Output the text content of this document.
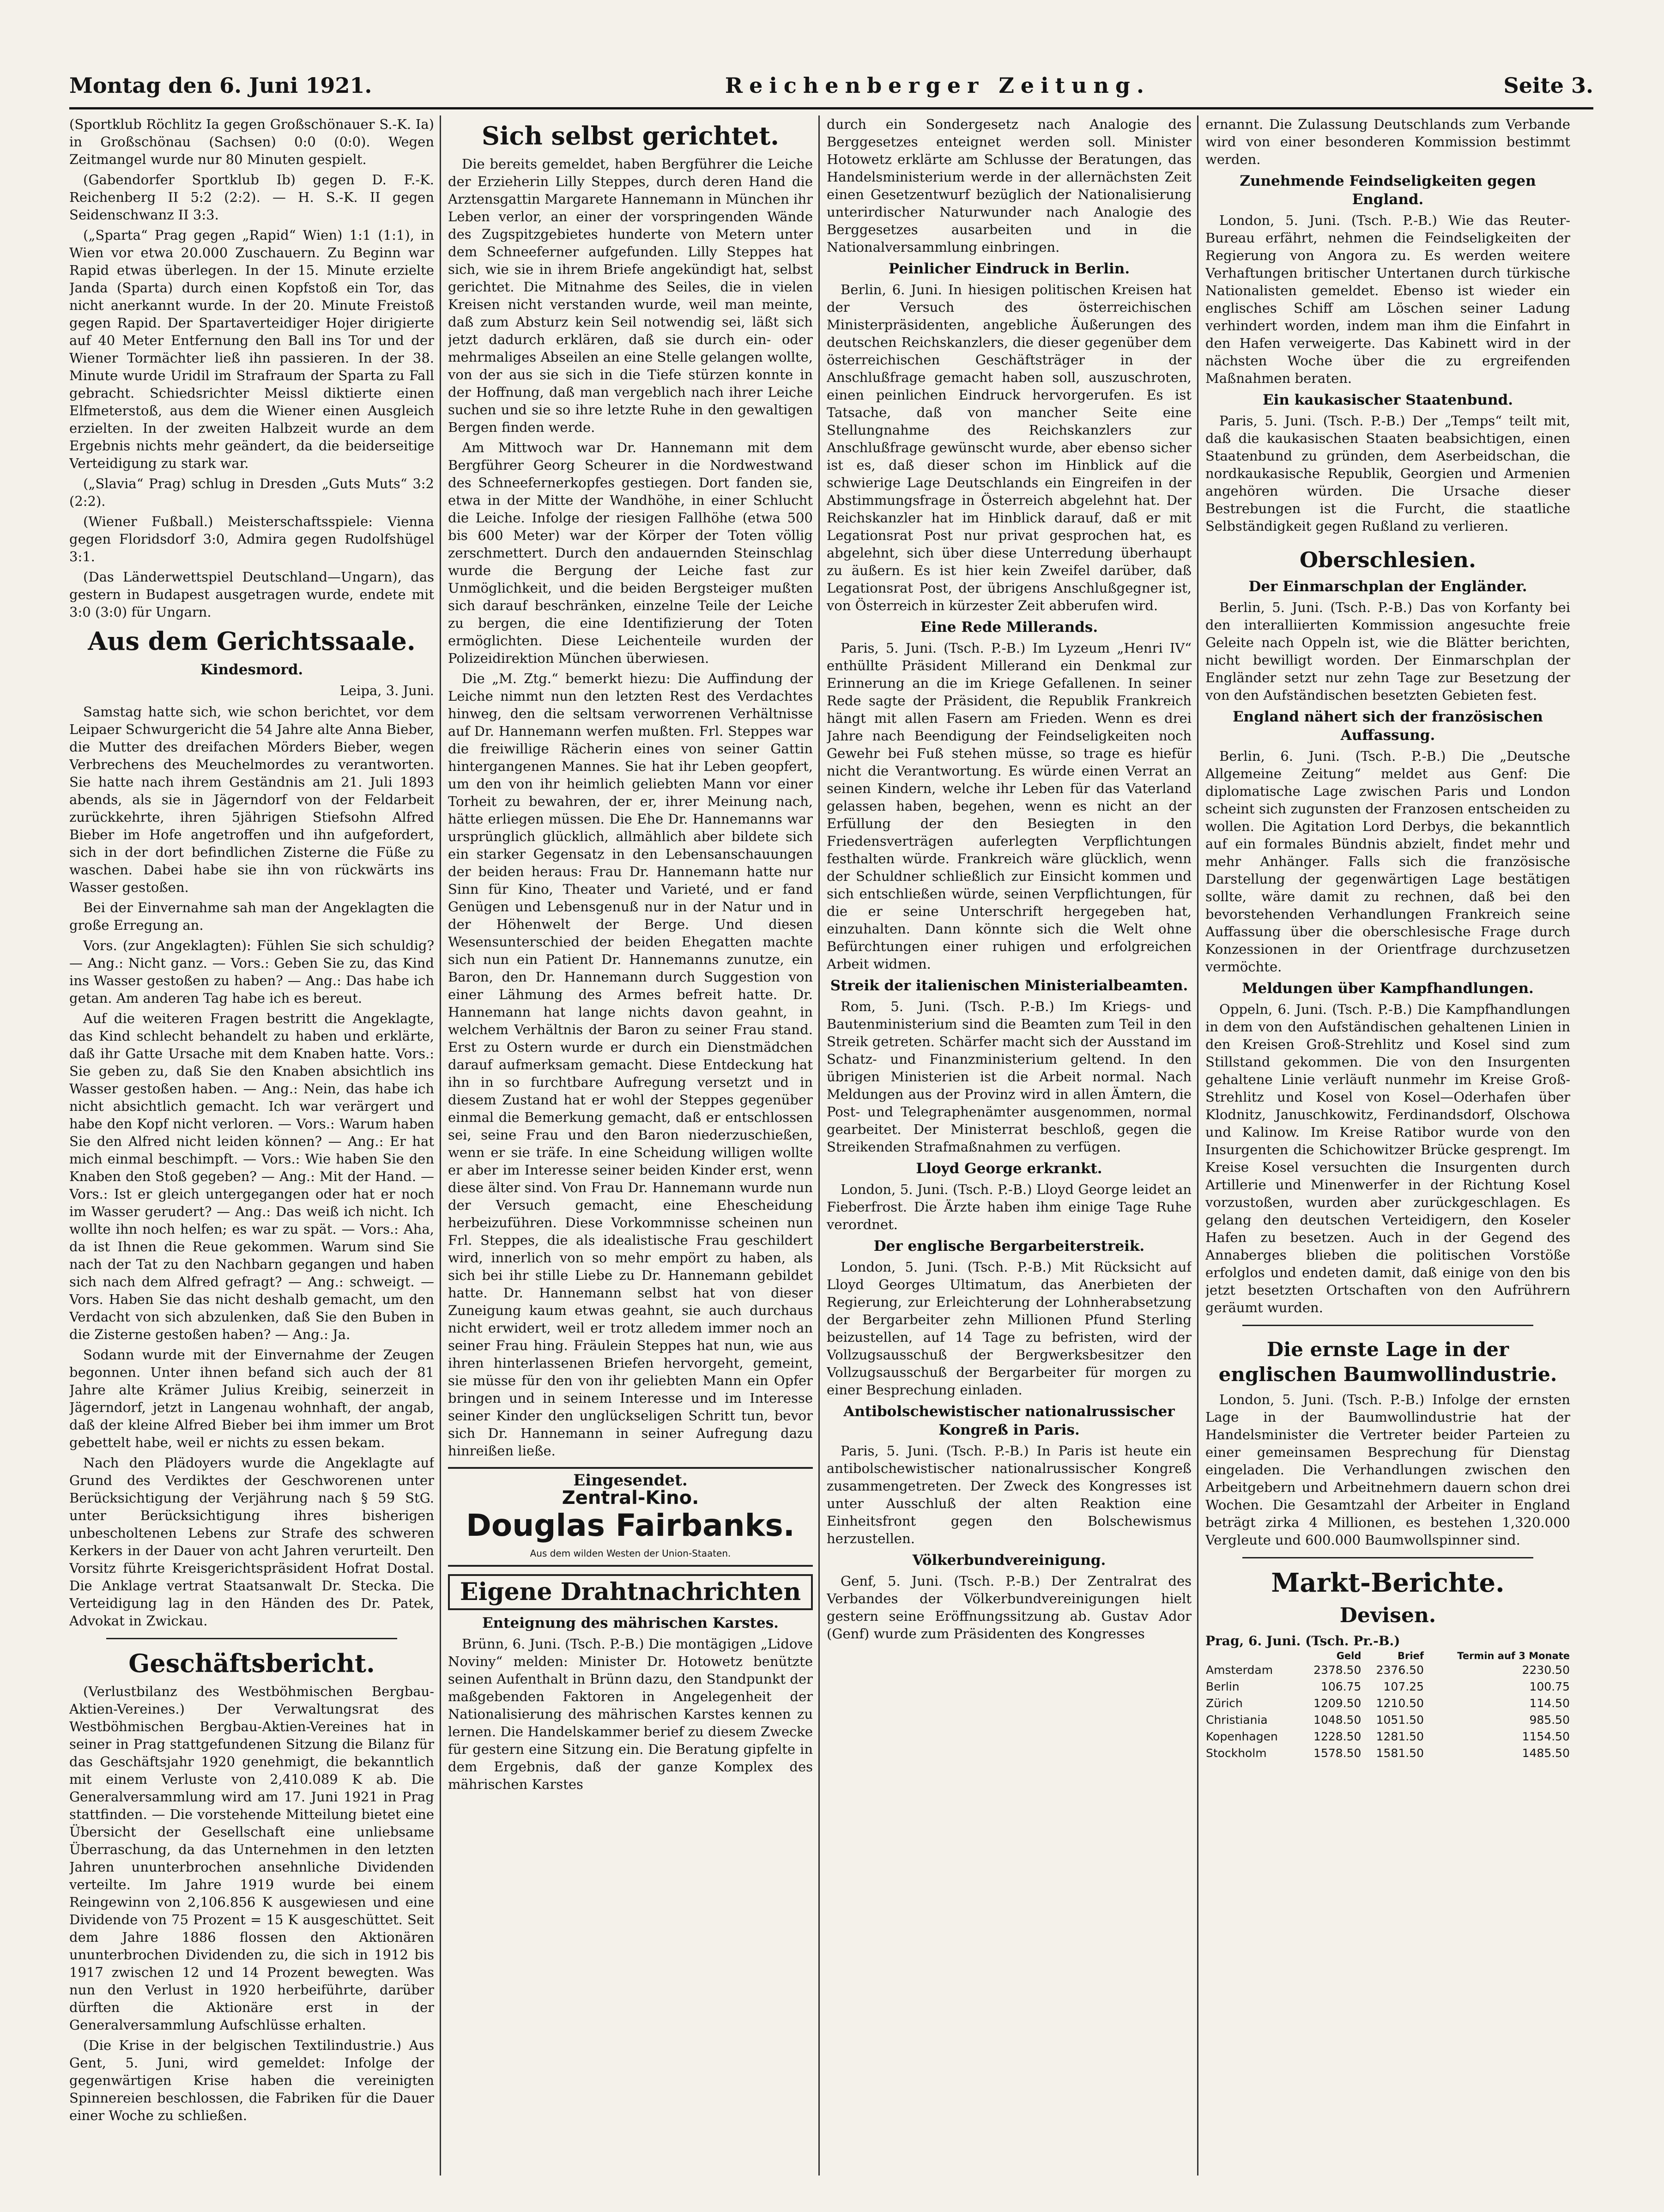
Montag den 6. Juni 1921.	Reichenberger Zeitung.	Seite 3.

(Sportklub Röchlitz Ia gegen Großschönauer S.-K. Ia) in Großschönau (Sachsen) 0:0 (0:0). Wegen Zeitmangel wurde nur 80 Minuten gespielt.

(Gabendorfer Sportklub Ib) gegen D. F.-K. Reichenberg II 5:2 (2:2). — H. S.-K. II gegen Seidenschwanz II 3:3.

(„Sparta“ Prag gegen „Rapid“ Wien) 1:1 (1:1), in Wien vor etwa 20.000 Zuschauern. Zu Beginn war Rapid etwas überlegen. In der 15. Minute erzielte Janda (Sparta) durch einen Kopfstoß ein Tor, das nicht anerkannt wurde. In der 20. Minute Freistoß gegen Rapid. Der Spartaverteidiger Hojer dirigierte auf 40 Meter Entfernung den Ball ins Tor und der Wiener Tormächter ließ ihn passieren. In der 38. Minute wurde Uridil im Strafraum der Sparta zu Fall gebracht. Schiedsrichter Meissl diktierte einen Elfmeterstoß, aus dem die Wiener einen Ausgleich erzielten. In der zweiten Halbzeit wurde an dem Ergebnis nichts mehr geändert, da die beiderseitige Verteidigung zu stark war.

(„Slavia“ Prag) schlug in Dresden „Guts Muts“ 3:2 (2:2).

(Wiener Fußball.) Meisterschaftsspiele: Vienna gegen Floridsdorf 3:0, Admira gegen Rudolfshügel 3:1.

(Das Länderwettspiel Deutschland—Ungarn), das gestern in Budapest ausgetragen wurde, endete mit 3:0 (3:0) für Ungarn.

Aus dem Gerichtssaale.
Kindesmord.
Leipa, 3. Juni.

Samstag hatte sich, wie schon berichtet, vor dem Leipaer Schwurgericht die 54 Jahre alte Anna Bieber, die Mutter des dreifachen Mörders Bieber, wegen Verbrechens des Meuchelmordes zu verantworten. Sie hatte nach ihrem Geständnis am 21. Juli 1893 abends, als sie in Jägerndorf von der Feldarbeit zurückkehrte, ihren 5jährigen Stiefsohn Alfred Bieber im Hofe angetroffen und ihn aufgefordert, sich in der dort befindlichen Zisterne die Füße zu waschen. Dabei habe sie ihn von rückwärts ins Wasser gestoßen.

Bei der Einvernahme sah man der Angeklagten die große Erregung an.

Vors. (zur Angeklagten): Fühlen Sie sich schuldig? — Ang.: Nicht ganz. — Vors.: Geben Sie zu, das Kind ins Wasser gestoßen zu haben? — Ang.: Das habe ich getan. Am anderen Tag habe ich es bereut.

Auf die weiteren Fragen bestritt die Angeklagte, das Kind schlecht behandelt zu haben und erklärte, daß ihr Gatte Ursache mit dem Knaben hatte. Vors.: Sie geben zu, daß Sie den Knaben absichtlich ins Wasser gestoßen haben. — Ang.: Nein, das habe ich nicht absichtlich gemacht. Ich war verärgert und habe den Kopf nicht verloren. — Vors.: Warum haben Sie den Alfred nicht leiden können? — Ang.: Er hat mich einmal beschimpft. — Vors.: Wie haben Sie den Knaben den Stoß gegeben? — Ang.: Mit der Hand. — Vors.: Ist er gleich untergegangen oder hat er noch im Wasser gerudert? — Ang.: Das weiß ich nicht. Ich wollte ihn noch helfen; es war zu spät. — Vors.: Aha, da ist Ihnen die Reue gekommen. Warum sind Sie nach der Tat zu den Nachbarn gegangen und haben sich nach dem Alfred gefragt? — Ang.: schweigt. — Vors. Haben Sie das nicht deshalb gemacht, um den Verdacht von sich abzulenken, daß Sie den Buben in die Zisterne gestoßen haben? — Ang.: Ja.

Sodann wurde mit der Einvernahme der Zeugen begonnen. Unter ihnen befand sich auch der 81 Jahre alte Krämer Julius Kreibig, seinerzeit in Jägerndorf, jetzt in Langenau wohnhaft, der angab, daß der kleine Alfred Bieber bei ihm immer um Brot gebettelt habe, weil er nichts zu essen bekam.

Nach den Plädoyers wurde die Angeklagte auf Grund des Verdiktes der Geschworenen unter Berücksichtigung der Verjährung nach § 59 StG. unter Berücksichtigung ihres bisherigen unbescholtenen Lebens zur Strafe des schweren Kerkers in der Dauer von acht Jahren verurteilt. Den Vorsitz führte Kreisgerichtspräsident Hofrat Dostal. Die Anklage vertrat Staatsanwalt Dr. Stecka. Die Verteidigung lag in den Händen des Dr. Patek, Advokat in Zwickau.

Geschäftsbericht.

(Verlustbilanz des Westböhmischen Bergbau-Aktien-Vereines.) Der Verwaltungsrat des Westböhmischen Bergbau-Aktien-Vereines hat in seiner in Prag stattgefundenen Sitzung die Bilanz für das Geschäftsjahr 1920 genehmigt, die bekanntlich mit einem Verluste von 2,410.089 K ab. Die Generalversammlung wird am 17. Juni 1921 in Prag stattfinden. — Die vorstehende Mitteilung bietet eine Übersicht der Gesellschaft eine unliebsame Überraschung, da das Unternehmen in den letzten Jahren ununterbrochen ansehnliche Dividenden verteilte. Im Jahre 1919 wurde bei einem Reingewinn von 2,106.856 K ausgewiesen und eine Dividende von 75 Prozent = 15 K ausgeschüttet. Seit dem Jahre 1886 flossen den Aktionären ununterbrochen Dividenden zu, die sich in 1912 bis 1917 zwischen 12 und 14 Prozent bewegten. Was nun den Verlust in 1920 herbeiführte, darüber dürften die Aktionäre erst in der Generalversammlung Aufschlüsse erhalten.

(Die Krise in der belgischen Textilindustrie.) Aus Gent, 5. Juni, wird gemeldet: Infolge der gegenwärtigen Krise haben die vereinigten Spinnereien beschlossen, die Fabriken für die Dauer einer Woche zu schließen.

Sich selbst gerichtet.

Die bereits gemeldet, haben Bergführer die Leiche der Erzieherin Lilly Steppes, durch deren Hand die Arztensgattin Margarete Hannemann in München ihr Leben verlor, an einer der vorspringenden Wände des Zugspitzgebietes hunderte von Metern unter dem Schneeferner aufgefunden. Lilly Steppes hat sich, wie sie in ihrem Briefe angekündigt hat, selbst gerichtet. Die Mitnahme des Seiles, die in vielen Kreisen nicht verstanden wurde, weil man meinte, daß zum Absturz kein Seil notwendig sei, läßt sich jetzt dadurch erklären, daß sie durch ein- oder mehrmaliges Abseilen an eine Stelle gelangen wollte, von der aus sie sich in die Tiefe stürzen konnte in der Hoffnung, daß man vergeblich nach ihrer Leiche suchen und sie so ihre letzte Ruhe in den gewaltigen Bergen finden werde.

Am Mittwoch war Dr. Hannemann mit dem Bergführer Georg Scheurer in die Nordwestwand des Schneefernerkopfes gestiegen. Dort fanden sie, etwa in der Mitte der Wandhöhe, in einer Schlucht die Leiche. Infolge der riesigen Fallhöhe (etwa 500 bis 600 Meter) war der Körper der Toten völlig zerschmettert. Durch den andauernden Steinschlag wurde die Bergung der Leiche fast zur Unmöglichkeit, und die beiden Bergsteiger mußten sich darauf beschränken, einzelne Teile der Leiche zu bergen, die eine Identifizierung der Toten ermöglichten. Diese Leichenteile wurden der Polizeidirektion München überwiesen.

Die „M. Ztg.“ bemerkt hiezu: Die Auffindung der Leiche nimmt nun den letzten Rest des Verdachtes hinweg, den die seltsam verworrenen Verhältnisse auf Dr. Hannemann werfen mußten. Frl. Steppes war die freiwillige Rächerin eines von seiner Gattin hintergangenen Mannes. Sie hat ihr Leben geopfert, um den von ihr heimlich geliebten Mann vor einer Torheit zu bewahren, der er, ihrer Meinung nach, hätte erliegen müssen. Die Ehe Dr. Hannemanns war ursprünglich glücklich, allmählich aber bildete sich ein starker Gegensatz in den Lebensanschauungen der beiden heraus: Frau Dr. Hannemann hatte nur Sinn für Kino, Theater und Varieté, und er fand Genügen und Lebensgenuß nur in der Natur und in der Höhenwelt der Berge. Und diesen Wesensunterschied der beiden Ehegatten machte sich nun ein Patient Dr. Hannemanns zunutze, ein Baron, den Dr. Hannemann durch Suggestion von einer Lähmung des Armes befreit hatte. Dr. Hannemann hat lange nichts davon geahnt, in welchem Verhältnis der Baron zu seiner Frau stand. Erst zu Ostern wurde er durch ein Dienstmädchen darauf aufmerksam gemacht. Diese Entdeckung hat ihn in so furchtbare Aufregung versetzt und in diesem Zustand hat er wohl der Steppes gegenüber einmal die Bemerkung gemacht, daß er entschlossen sei, seine Frau und den Baron niederzuschießen, wenn er sie träfe. In eine Scheidung willigen wollte er aber im Interesse seiner beiden Kinder erst, wenn diese älter sind. Von Frau Dr. Hannemann wurde nun der Versuch gemacht, eine Ehescheidung herbeizuführen. Diese Vorkommnisse scheinen nun Frl. Steppes, die als idealistische Frau geschildert wird, innerlich von so mehr empört zu haben, als sich bei ihr stille Liebe zu Dr. Hannemann gebildet hatte. Dr. Hannemann selbst hat von dieser Zuneigung kaum etwas geahnt, sie auch durchaus nicht erwidert, weil er trotz alledem immer noch an seiner Frau hing. Fräulein Steppes hat nun, wie aus ihren hinterlassenen Briefen hervorgeht, gemeint, sie müsse für den von ihr geliebten Mann ein Opfer bringen und in seinem Interesse und im Interesse seiner Kinder den unglückseligen Schritt tun, bevor sich Dr. Hannemann in seiner Aufregung dazu hinreißen ließe.

Eingesendet.
Zentral-Kino.
Douglas Fairbanks.
Aus dem wilden Westen der Union-Staaten.
Eigene Drahtnachrichten
Enteignung des mährischen Karstes.

Brünn, 6. Juni. (Tsch. P.-B.) Die montägigen „Lidove Noviny“ melden: Minister Dr. Hotowetz benützte seinen Aufenthalt in Brünn dazu, den Standpunkt der maßgebenden Faktoren in Angelegenheit der Nationalisierung des mährischen Karstes kennen zu lernen. Die Handelskammer berief zu diesem Zwecke für gestern eine Sitzung ein. Die Beratung gipfelte in dem Ergebnis, daß der ganze Komplex des mährischen Karstes

durch ein Sondergesetz nach Analogie des Berggesetzes enteignet werden soll. Minister Hotowetz erklärte am Schlusse der Beratungen, das Handelsministerium werde in der allernächsten Zeit einen Gesetzentwurf bezüglich der Nationalisierung unterirdischer Naturwunder nach Analogie des Berggesetzes ausarbeiten und in die Nationalversammlung einbringen.

Peinlicher Eindruck in Berlin.

Berlin, 6. Juni. In hiesigen politischen Kreisen hat der Versuch des österreichischen Ministerpräsidenten, angebliche Äußerungen des deutschen Reichskanzlers, die dieser gegenüber dem österreichischen Geschäftsträger in der Anschlußfrage gemacht haben soll, auszuschroten, einen peinlichen Eindruck hervorgerufen. Es ist Tatsache, daß von mancher Seite eine Stellungnahme des Reichskanzlers zur Anschlußfrage gewünscht wurde, aber ebenso sicher ist es, daß dieser schon im Hinblick auf die schwierige Lage Deutschlands ein Eingreifen in der Abstimmungsfrage in Österreich abgelehnt hat. Der Reichskanzler hat im Hinblick darauf, daß er mit Legationsrat Post nur privat gesprochen hat, es abgelehnt, sich über diese Unterredung überhaupt zu äußern. Es ist hier kein Zweifel darüber, daß Legationsrat Post, der übrigens Anschlußgegner ist, von Österreich in kürzester Zeit abberufen wird.

Eine Rede Millerands.

Paris, 5. Juni. (Tsch. P.-B.) Im Lyzeum „Henri IV“ enthüllte Präsident Millerand ein Denkmal zur Erinnerung an die im Kriege Gefallenen. In seiner Rede sagte der Präsident, die Republik Frankreich hängt mit allen Fasern am Frieden. Wenn es drei Jahre nach Beendigung der Feindseligkeiten noch Gewehr bei Fuß stehen müsse, so trage es hiefür nicht die Verantwortung. Es würde einen Verrat an seinen Kindern, welche ihr Leben für das Vaterland gelassen haben, begehen, wenn es nicht an der Erfüllung der den Besiegten in den Friedensverträgen auferlegten Verpflichtungen festhalten würde. Frankreich wäre glücklich, wenn der Schuldner schließlich zur Einsicht kommen und sich entschließen würde, seinen Verpflichtungen, für die er seine Unterschrift hergegeben hat, einzuhalten. Dann könnte sich die Welt ohne Befürchtungen einer ruhigen und erfolgreichen Arbeit widmen.

Streik der italienischen Ministerialbeamten.

Rom, 5. Juni. (Tsch. P.-B.) Im Kriegs- und Bautenministerium sind die Beamten zum Teil in den Streik getreten. Schärfer macht sich der Ausstand im Schatz- und Finanzministerium geltend. In den übrigen Ministerien ist die Arbeit normal. Nach Meldungen aus der Provinz wird in allen Ämtern, die Post- und Telegraphenämter ausgenommen, normal gearbeitet. Der Ministerrat beschloß, gegen die Streikenden Strafmaßnahmen zu verfügen.

Lloyd George erkrankt.

London, 5. Juni. (Tsch. P.-B.) Lloyd George leidet an Fieberfrost. Die Ärzte haben ihm einige Tage Ruhe verordnet.

Der englische Bergarbeiterstreik.

London, 5. Juni. (Tsch. P.-B.) Mit Rücksicht auf Lloyd Georges Ultimatum, das Anerbieten der Regierung, zur Erleichterung der Lohnherabsetzung der Bergarbeiter zehn Millionen Pfund Sterling beizustellen, auf 14 Tage zu befristen, wird der Vollzugsausschuß der Bergwerksbesitzer den Vollzugsausschuß der Bergarbeiter für morgen zu einer Besprechung einladen.

Antibolschewistischer nationalrussischer Kongreß in Paris.

Paris, 5. Juni. (Tsch. P.-B.) In Paris ist heute ein antibolschewistischer nationalrussischer Kongreß zusammengetreten. Der Zweck des Kongresses ist unter Ausschluß der alten Reaktion eine Einheitsfront gegen den Bolschewismus herzustellen.

Völkerbundvereinigung.

Genf, 5. Juni. (Tsch. P.-B.) Der Zentralrat des Verbandes der Völkerbundvereinigungen hielt gestern seine Eröffnungssitzung ab. Gustav Ador (Genf) wurde zum Präsidenten des Kongresses

ernannt. Die Zulassung Deutschlands zum Verbande wird von einer besonderen Kommission bestimmt werden.

Zunehmende Feindseligkeiten gegen England.

London, 5. Juni. (Tsch. P.-B.) Wie das Reuter-Bureau erfährt, nehmen die Feindseligkeiten der Regierung von Angora zu. Es werden weitere Verhaftungen britischer Untertanen durch türkische Nationalisten gemeldet. Ebenso ist wieder ein englisches Schiff am Löschen seiner Ladung verhindert worden, indem man ihm die Einfahrt in den Hafen verweigerte. Das Kabinett wird in der nächsten Woche über die zu ergreifenden Maßnahmen beraten.

Ein kaukasischer Staatenbund.

Paris, 5. Juni. (Tsch. P.-B.) Der „Temps“ teilt mit, daß die kaukasischen Staaten beabsichtigen, einen Staatenbund zu gründen, dem Aserbeidschan, die nordkaukasische Republik, Georgien und Armenien angehören würden. Die Ursache dieser Bestrebungen ist die Furcht, die staatliche Selbständigkeit gegen Rußland zu verlieren.

Oberschlesien.
Der Einmarschplan der Engländer.

Berlin, 5. Juni. (Tsch. P.-B.) Das von Korfanty bei den interalliierten Kommission angesuchte freie Geleite nach Oppeln ist, wie die Blätter berichten, nicht bewilligt worden. Der Einmarschplan der Engländer setzt nur zehn Tage zur Besetzung der von den Aufständischen besetzten Gebieten fest.

England nähert sich der französischen Auffassung.

Berlin, 6. Juni. (Tsch. P.-B.) Die „Deutsche Allgemeine Zeitung“ meldet aus Genf: Die diplomatische Lage zwischen Paris und London scheint sich zugunsten der Franzosen entscheiden zu wollen. Die Agitation Lord Derbys, die bekanntlich auf ein formales Bündnis abzielt, findet mehr und mehr Anhänger. Falls sich die französische Darstellung der gegenwärtigen Lage bestätigen sollte, wäre damit zu rechnen, daß bei den bevorstehenden Verhandlungen Frankreich seine Auffassung über die oberschlesische Frage durch Konzessionen in der Orientfrage durchzusetzen vermöchte.

Meldungen über Kampfhandlungen.

Oppeln, 6. Juni. (Tsch. P.-B.) Die Kampfhandlungen in dem von den Aufständischen gehaltenen Linien in den Kreisen Groß-Strehlitz und Kosel sind zum Stillstand gekommen. Die von den Insurgenten gehaltene Linie verläuft nunmehr im Kreise Groß-Strehlitz und Kosel von Kosel—Oderhafen über Klodnitz, Januschkowitz, Ferdinandsdorf, Olschowa und Kalinow. Im Kreise Ratibor wurde von den Insurgenten die Schichowitzer Brücke gesprengt. Im Kreise Kosel versuchten die Insurgenten durch Artillerie und Minenwerfer in der Richtung Kosel vorzustoßen, wurden aber zurückgeschlagen. Es gelang den deutschen Verteidigern, den Koseler Hafen zu besetzen. Auch in der Gegend des Annaberges blieben die politischen Vorstöße erfolglos und endeten damit, daß einige von den bis jetzt besetzten Ortschaften von den Aufrührern geräumt wurden.

Die ernste Lage in der englischen Baumwollindustrie.

London, 5. Juni. (Tsch. P.-B.) Infolge der ernsten Lage in der Baumwollindustrie hat der Handelsminister die Vertreter beider Parteien zu einer gemeinsamen Besprechung für Dienstag eingeladen. Die Verhandlungen zwischen den Arbeitgebern und Arbeitnehmern dauern schon drei Wochen. Die Gesamtzahl der Arbeiter in England beträgt zirka 4 Millionen, es bestehen 1,320.000 Vergleute und 600.000 Baumwollspinner sind.

Markt-Berichte.
Devisen.
Prag, 6. Juni. (Tsch. Pr.-B.)
	Geld	Brief	Termin auf 3 Monate
Amsterdam	2378.50	2376.50	2230.50
Berlin	106.75	107.25	100.75
Zürich	1209.50	1210.50	114.50
Christiania	1048.50	1051.50	985.50
Kopenhagen	1228.50	1281.50	1154.50
Stockholm	1578.50	1581.50	1485.50
